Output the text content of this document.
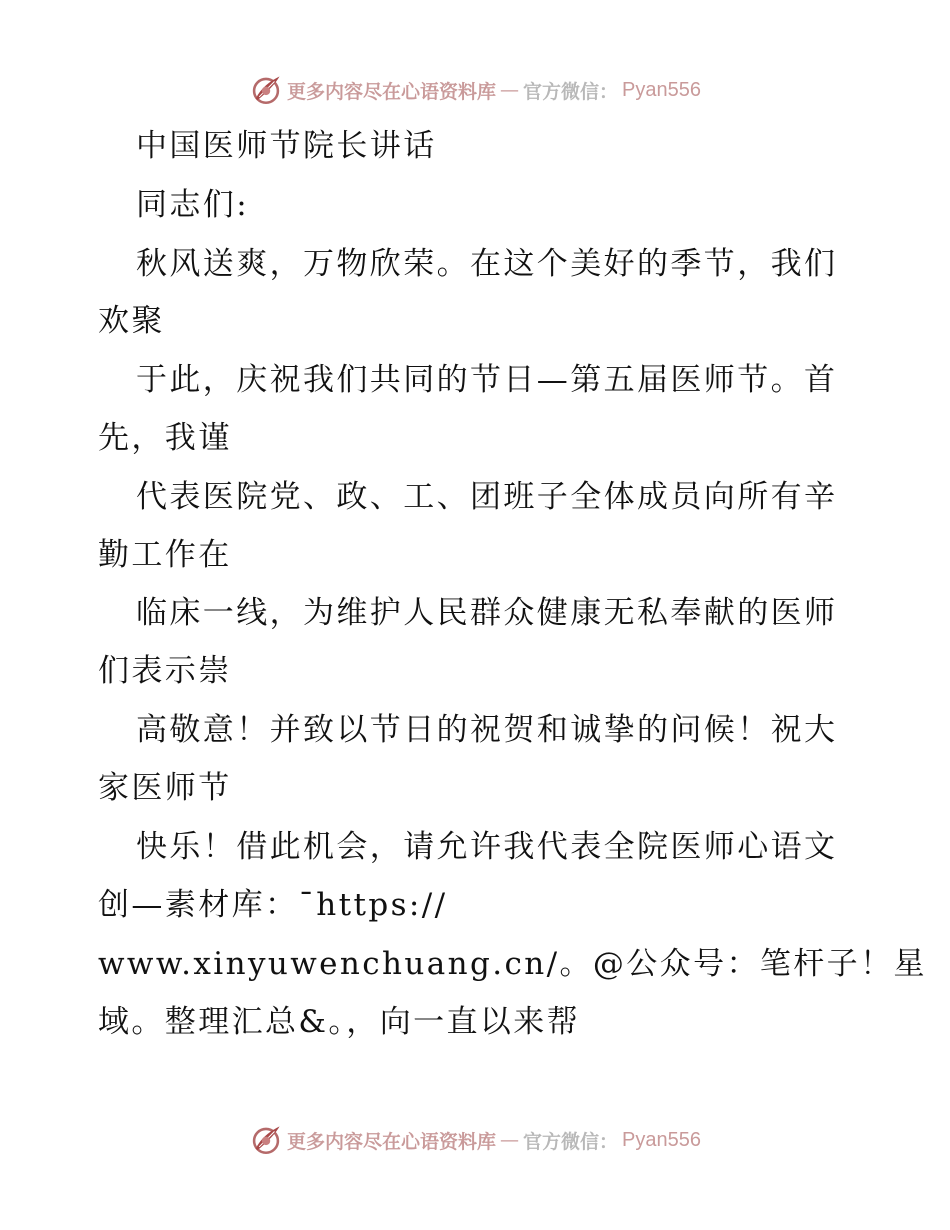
更多内容尽在心语资料库 — 官方微信： Pyan556
中国医师节院长讲话
同志们:
秋风送爽，万物欣荣。在这个美好的季节，我们
欢聚
于此，庆祝我们共同的节日—第五届医师节。首
先，我谨
代表医院党、政、工、团班子全体成员向所有辛
勤工作在
临床一线，为维护人民群众健康无私奉献的医师
们表示崇
高敬意！并致以节日的祝贺和诚挚的问候！祝大
家医师节
快乐！借此机会，请允许我代表全院医师心语文
创—素材库：¯https://
www.xinyuwenchuang.cn/。@公众号：笔杆子！星
域。整理汇总&。，向一直以来帮
更多内容尽在心语资料库 — 官方微信： Pyan556
